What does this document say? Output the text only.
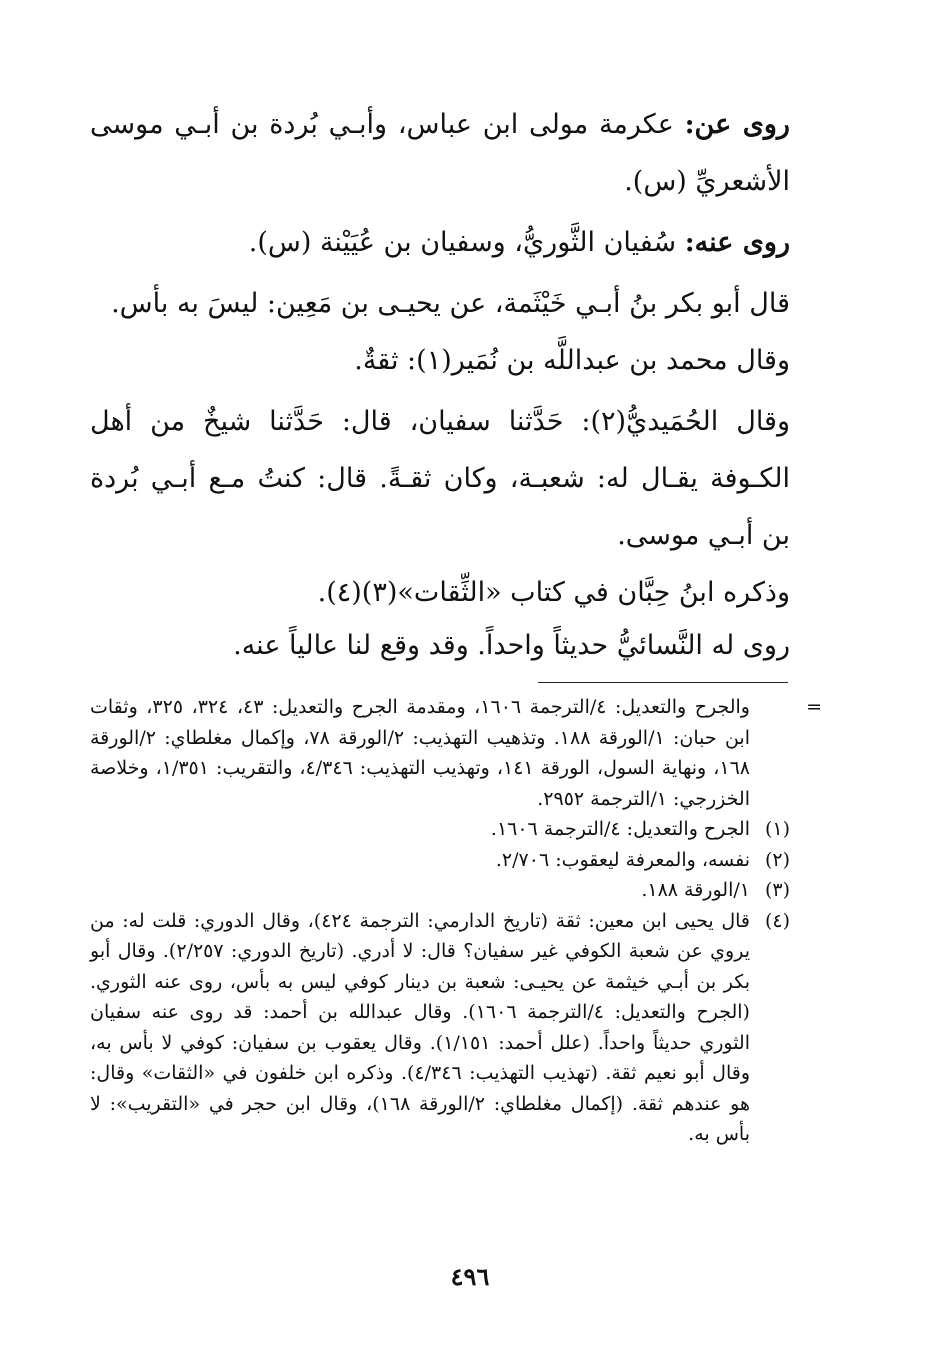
روى عن: عكرمة مولى ابن عباس، وأبـي بُردة بن أبـي موسى الأشعريِّ (س).

روى عنه: سُفيان الثَّوريُّ، وسفيان بن عُيَيْنة (س).

قال أبو بكر بنُ أبـي خَيْثَمة، عن يحيـى بن مَعِين: ليسَ به بأس.

وقال محمد بن عبداللَّه بن نُمَير(١): ثقةٌ.

وقال الحُمَيديُّ(٢): حَدَّثنا سفيان، قال: حَدَّثنا شيخٌ من أهل الكـوفة يقـال له: شعبـة، وكان ثقـةً. قال: كنتُ مـع أبـي بُردة بن أبـي موسى.

وذكره ابنُ حِبَّان في كتاب «الثِّقات»(٣)(٤).

روى له النَّسائيُّ حديثاً واحداً. وقد وقع لنا عالياً عنه.

=
والجرح والتعديل: ٤/الترجمة ١٦٠٦، ومقدمة الجرح والتعديل: ٤٣، ٣٢٤، ٣٢٥، وثقات ابن حبان: ١/الورقة ١٨٨. وتذهيب التهذيب: ٢/الورقة ٧٨، وإكمال مغلطاي: ٢/الورقة ١٦٨، ونهاية السول، الورقة ١٤١، وتهذيب التهذيب: ٤/٣٤٦، والتقريب: ١/٣٥١، وخلاصة الخزرجي: ١/الترجمة ٢٩٥٢.
(١)
الجرح والتعديل: ٤/الترجمة ١٦٠٦.
(٢)
نفسه، والمعرفة ليعقوب: ٢/٧٠٦.
(٣)
١/الورقة ١٨٨.
(٤)
قال يحيى ابن معين: ثقة (تاريخ الدارمي: الترجمة ٤٢٤)، وقال الدوري: قلت له: من يروي عن شعبة الكوفي غير سفيان؟ قال: لا أدري. (تاريخ الدوري: ٢/٢٥٧). وقال أبو بكر بن أبـي خيثمة عن يحيـى: شعبة بن دينار كوفي ليس به بأس، روى عنه الثوري. (الجرح والتعديل: ٤/الترجمة ١٦٠٦). وقال عبدالله بن أحمد: قد روى عنه سفيان الثوري حديثاً واحداً. (علل أحمد: ١/١٥١). وقال يعقوب بن سفيان: كوفي لا بأس به، وقال أبو نعيم ثقة. (تهذيب التهذيب: ٤/٣٤٦). وذكره ابن خلفون في «الثقات» وقال: هو عندهم ثقة. (إكمال مغلطاي: ٢/الورقة ١٦٨)، وقال ابن حجر في «التقريب»: لا بأس به.
٤٩٦
